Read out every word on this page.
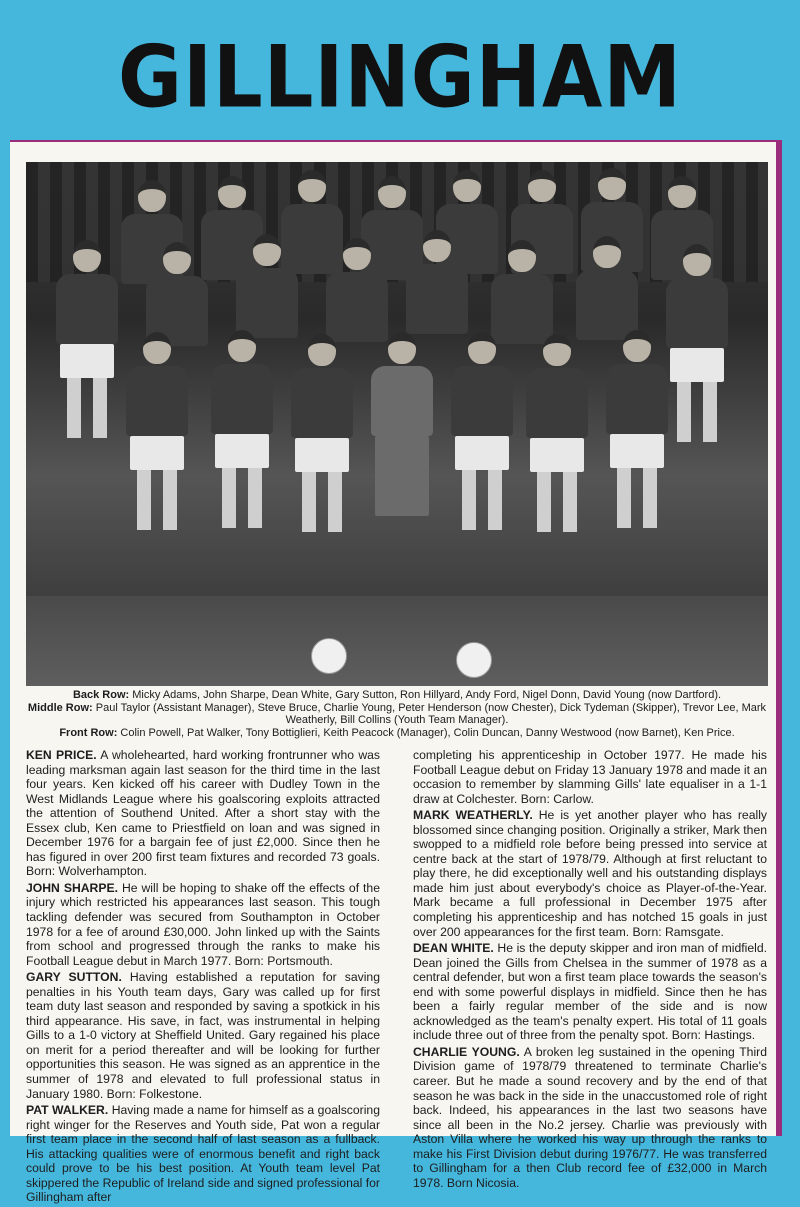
GILLINGHAM
Back Row: Micky Adams, John Sharpe, Dean White, Gary Sutton, Ron Hillyard, Andy Ford, Nigel Donn, David Young (now Dartford).
Middle Row: Paul Taylor (Assistant Manager), Steve Bruce, Charlie Young, Peter Henderson (now Chester), Dick Tydeman (Skipper), Trevor Lee, Mark Weatherly, Bill Collins (Youth Team Manager).
Front Row: Colin Powell, Pat Walker, Tony Bottiglieri, Keith Peacock (Manager), Colin Duncan, Danny Westwood (now Barnet), Ken Price.

KEN PRICE. A wholehearted, hard working frontrunner who was leading marksman again last season for the third time in the last four years. Ken kicked off his career with Dudley Town in the West Midlands League where his goalscoring exploits attracted the attention of Southend United. After a short stay with the Essex club, Ken came to Priestfield on loan and was signed in December 1976 for a bargain fee of just £2,000. Since then he has figured in over 200 first team fixtures and recorded 73 goals. Born: Wolverhampton.

JOHN SHARPE. He will be hoping to shake off the effects of the injury which restricted his appearances last season. This tough tackling defender was secured from Southampton in October 1978 for a fee of around £30,000. John linked up with the Saints from school and progressed through the ranks to make his Football League debut in March 1977. Born: Portsmouth.

GARY SUTTON. Having established a reputation for saving penalties in his Youth team days, Gary was called up for first team duty last season and responded by saving a spotkick in his third appearance. His save, in fact, was instrumental in helping Gills to a 1-0 victory at Sheffield United. Gary regained his place on merit for a period thereafter and will be looking for further opportunities this season. He was signed as an apprentice in the summer of 1978 and elevated to full professional status in January 1980. Born: Folkestone.

PAT WALKER. Having made a name for himself as a goalscoring right winger for the Reserves and Youth side, Pat won a regular first team place in the second half of last season as a fullback. His attacking qualities were of enormous benefit and right back could prove to be his best position. At Youth team level Pat skippered the Republic of Ireland side and signed professional for Gillingham after

completing his apprenticeship in October 1977. He made his Football League debut on Friday 13 January 1978 and made it an occasion to remember by slamming Gills' late equaliser in a 1-1 draw at Colchester. Born: Carlow.

MARK WEATHERLY. He is yet another player who has really blossomed since changing position. Originally a striker, Mark then swopped to a midfield role before being pressed into service at centre back at the start of 1978/79. Although at first reluctant to play there, he did exceptionally well and his outstanding displays made him just about everybody's choice as Player-of-the-Year. Mark became a full professional in December 1975 after completing his apprenticeship and has notched 15 goals in just over 200 appearances for the first team. Born: Ramsgate.

DEAN WHITE. He is the deputy skipper and iron man of midfield. Dean joined the Gills from Chelsea in the summer of 1978 as a central defender, but won a first team place towards the season's end with some powerful displays in midfield. Since then he has been a fairly regular member of the side and is now acknowledged as the team's penalty expert. His total of 11 goals include three out of three from the penalty spot. Born: Hastings.

CHARLIE YOUNG. A broken leg sustained in the opening Third Division game of 1978/79 threatened to terminate Charlie's career. But he made a sound recovery and by the end of that season he was back in the side in the unaccustomed role of right back. Indeed, his appearances in the last two seasons have since all been in the No.2 jersey. Charlie was previously with Aston Villa where he worked his way up through the ranks to make his First Division debut during 1976/77. He was transferred to Gillingham for a then Club record fee of £32,000 in March 1978. Born Nicosia.
